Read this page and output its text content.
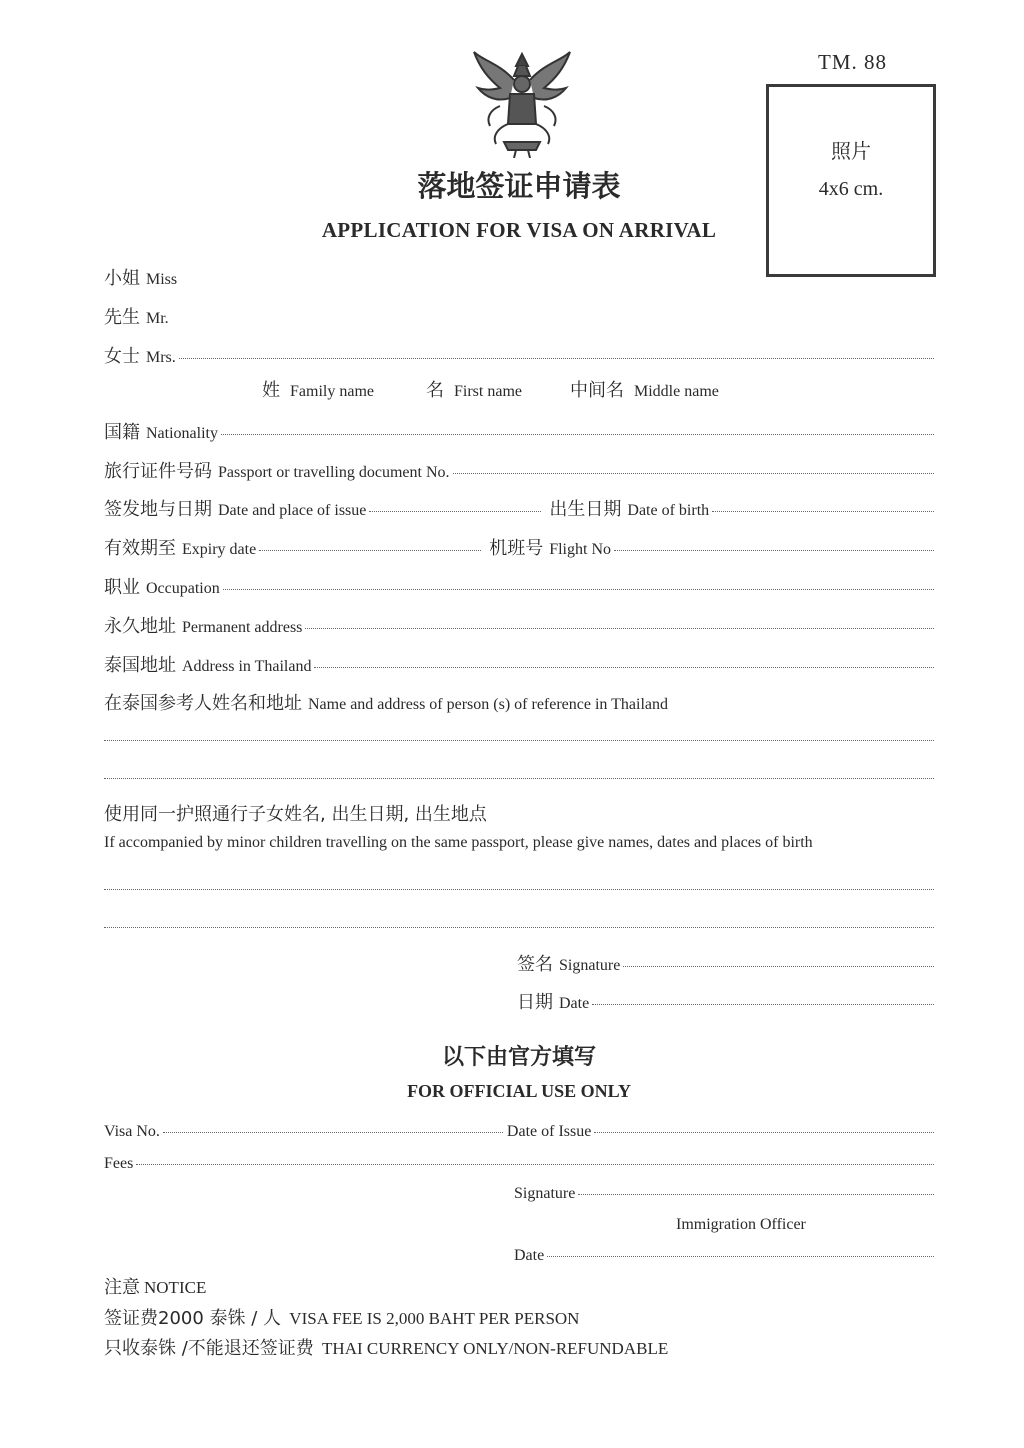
TM. 88
照片
4x6 cm.
落地签证申请表
APPLICATION FOR VISA ON ARRIVAL
小姐 Miss
先生 Mr.
女士 Mrs.
姓 Family name	名 First name	中间名 Middle name
国籍 Nationality
旅行证件号码 Passport or travelling document No.
签发地与日期 Date and place of issue	出生日期 Date of birth
有效期至 Expiry date	机班号 Flight No
职业 Occupation
永久地址 Permanent address
泰国地址 Address in Thailand
在泰国参考人姓名和地址 Name and address of person (s) of reference in Thailand
使用同一护照通行子女姓名, 出生日期, 出生地点
If accompanied by minor children travelling on the same passport, please give names, dates and places of birth
签名 Signature
日期 Date
以下由官方填写
FOR OFFICIAL USE ONLY
Visa No.	Date of Issue
Fees
Signature
Immigration Officer
Date
注意 NOTICE
签证费2000 泰铢 / 人 VISA FEE IS 2,000 BAHT PER PERSON
只收泰铢 /不能退还签证费 THAI CURRENCY ONLY/NON-REFUNDABLE
